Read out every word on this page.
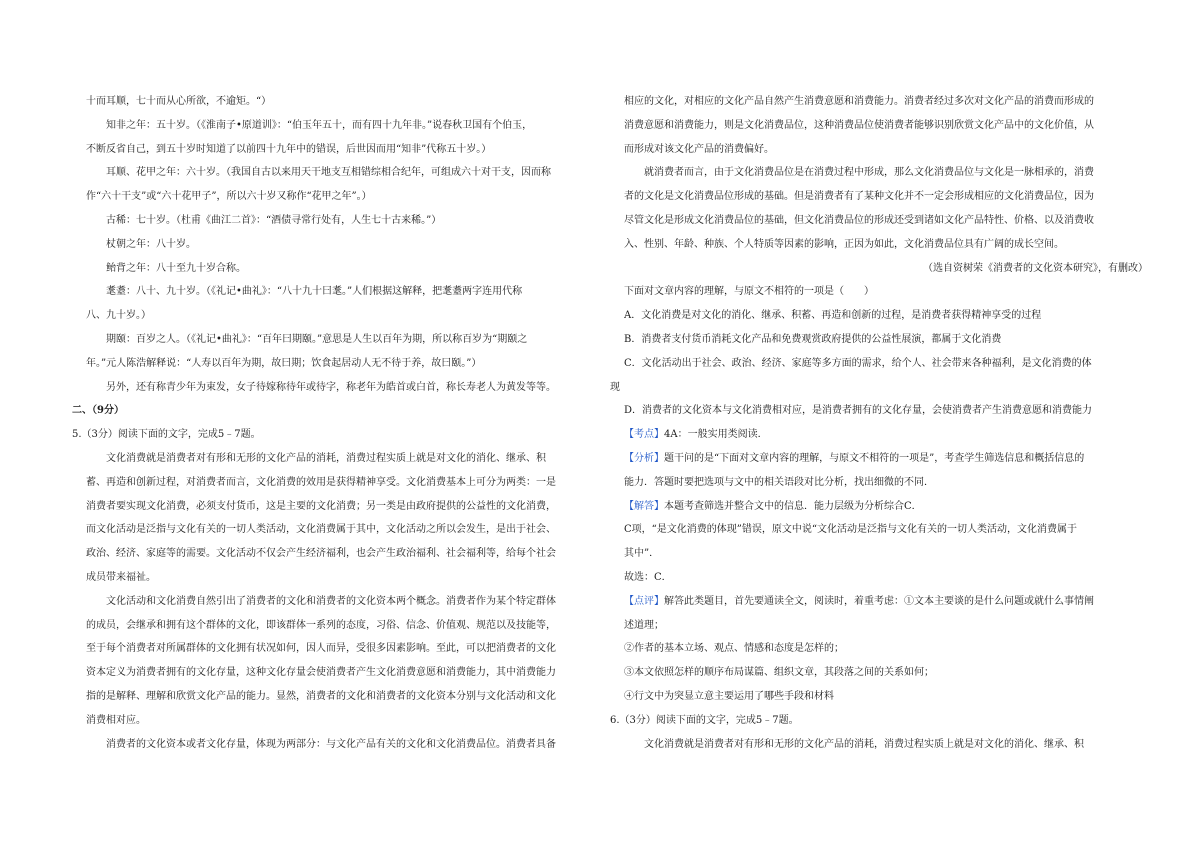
十而耳顺，七十而从心所欲，不逾矩。“）
知非之年：五十岁。（《淮南子•原道训》：“伯玉年五十，而有四十九年非。”说春秋卫国有个伯玉，
不断反省自己，到五十岁时知道了以前四十九年中的错误，后世因而用“知非”代称五十岁。）
耳顺、花甲之年：六十岁。（我国自古以来用天干地支互相错综相合纪年，可组成六十对干支，因而称
作“六十干支”或“六十花甲子”，所以六十岁又称作“花甲之年”。）
古稀：七十岁。（杜甫《曲江二首》：“酒债寻常行处有，人生七十古来稀。”）
杖朝之年：八十岁。
鲐背之年：八十至九十岁合称。
耄耋：八十、九十岁。（《礼记•曲礼》：“八十九十曰耄。”人们根据这解释，把耄耋两字连用代称
八、九十岁。）
期颐：百岁之人。（《礼记•曲礼》：“百年曰期颐。”意思是人生以百年为期，所以称百岁为“期颐之
年。”元人陈浩解释说：“人寿以百年为期，故曰期；饮食起居动人无不待于养，故曰颐。”）
另外，还有称青少年为束发，女子待嫁称待年或待字，称老年为皓首或白首，称长寿老人为黄发等等。
二、（9分）
5.（3分）阅读下面的文字，完成5﹣7题。
文化消费就是消费者对有形和无形的文化产品的消耗，消费过程实质上就是对文化的消化、继承、积
蓄、再造和创新过程，对消费者而言，文化消费的效用是获得精神享受。文化消费基本上可分为两类：一是
消费者要实现文化消费，必须支付货币，这是主要的文化消费；另一类是由政府提供的公益性的文化消费，
而文化活动是泛指与文化有关的一切人类活动，文化消费属于其中，文化活动之所以会发生，是出于社会、
政治、经济、家庭等的需要。文化活动不仅会产生经济福利，也会产生政治福利、社会福利等，给每个社会
成员带来福祉。
文化活动和文化消费自然引出了消费者的文化和消费者的文化资本两个概念。消费者作为某个特定群体
的成员，会继承和拥有这个群体的文化，即该群体一系列的态度，习俗、信念、价值观、规范以及技能等，
至于每个消费者对所属群体的文化拥有状况如何，因人而异，受很多因素影响。至此，可以把消费者的文化
资本定义为消费者拥有的文化存量，这种文化存量会使消费者产生文化消费意愿和消费能力，其中消费能力
指的是解释、理解和欣赏文化产品的能力。显然，消费者的文化和消费者的文化资本分别与文化活动和文化
消费相对应。
消费者的文化资本或者文化存量，体现为两部分：与文化产品有关的文化和文化消费品位。消费者具备
相应的文化，对相应的文化产品自然产生消费意愿和消费能力。消费者经过多次对文化产品的消费而形成的
消费意愿和消费能力，则是文化消费品位，这种消费品位使消费者能够识别欣赏文化产品中的文化价值，从
而形成对该文化产品的消费偏好。
就消费者而言，由于文化消费品位是在消费过程中形成，那么文化消费品位与文化是一脉相承的，消费
者的文化是文化消费品位形成的基础。但是消费者有了某种文化并不一定会形成相应的文化消费品位，因为
尽管文化是形成文化消费品位的基础，但文化消费品位的形成还受到诸如文化产品特性、价格、以及消费收
入、性别、年龄、种族、个人特质等因素的影响，正因为如此，文化消费品位具有广阔的成长空间。
（选自资树荣《消费者的文化资本研究》，有删改）
下面对文章内容的理解，与原文不相符的一项是（　　）
A．文化消费是对文化的消化、继承、积蓄、再造和创新的过程，是消费者获得精神享受的过程
B．消费者支付货币消耗文化产品和免费观赏政府提供的公益性展演，都属于文化消费
C．文化活动出于社会、政治、经济、家庭等多方面的需求，给个人、社会带来各种福利，是文化消费的体
现
D．消费者的文化资本与文化消费相对应，是消费者拥有的文化存量，会使消费者产生消费意愿和消费能力
【考点】4A：一般实用类阅读．
【分析】题干问的是“下面对文章内容的理解，与原文不相符的一项是”，考查学生筛选信息和概括信息的
能力．答题时要把选项与文中的相关语段对比分析，找出细微的不同．
【解答】本题考查筛选并整合文中的信息．能力层级为分析综合C．
C项，“是文化消费的体现”错误，原文中说“文化活动是泛指与文化有关的一切人类活动，文化消费属于
其中”．
故选：C．
【点评】解答此类题目，首先要通读全文，阅读时，着重考虑：①文本主要谈的是什么问题或就什么事情阐
述道理；
②作者的基本立场、观点、情感和态度是怎样的；
③本文依照怎样的顺序布局谋篇、组织文章，其段落之间的关系如何；
④行文中为突显立意主要运用了哪些手段和材料
6.（3分）阅读下面的文字，完成5﹣7题。
文化消费就是消费者对有形和无形的文化产品的消耗，消费过程实质上就是对文化的消化、继承、积
